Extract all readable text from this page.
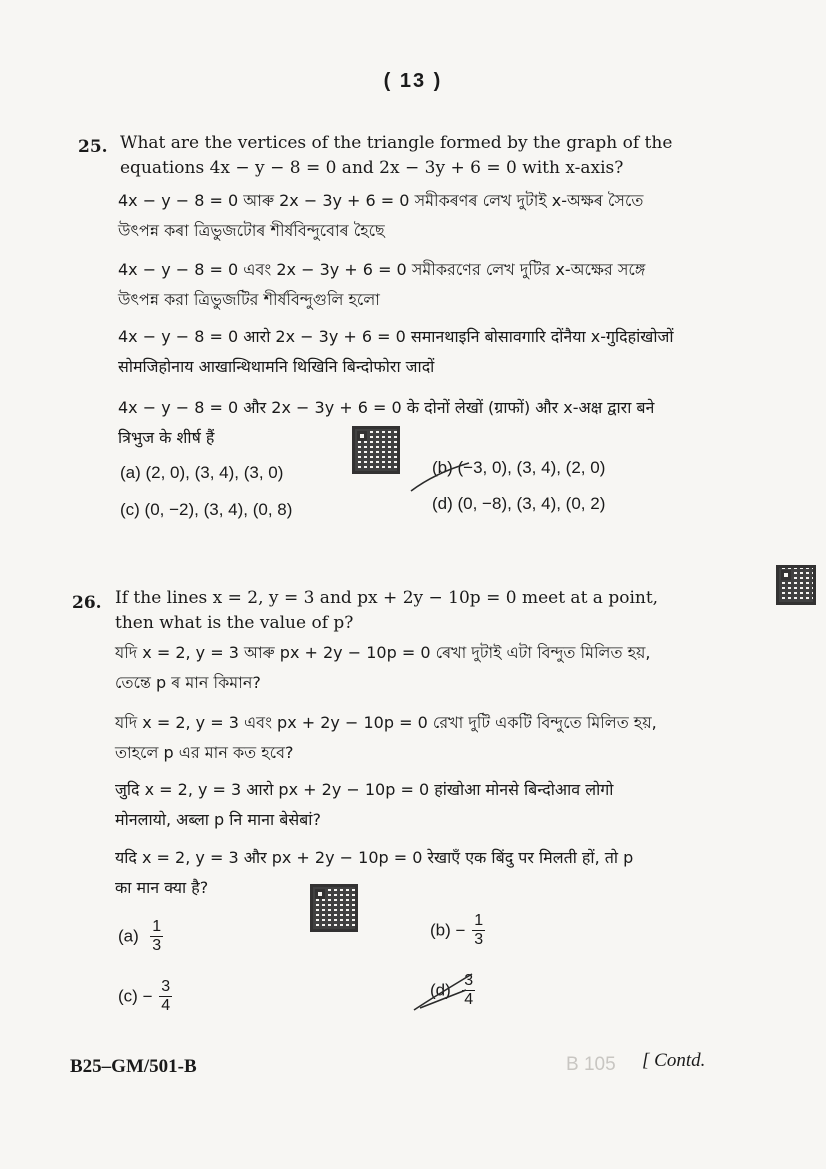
( 13 )
25. What are the vertices of the triangle formed by the graph of the
equations 4x − y − 8 = 0 and 2x − 3y + 6 = 0 with x-axis?
4x − y − 8 = 0 আৰু 2x − 3y + 6 = 0 সমীকৰণৰ লেখ দুটাই x-অক্ষৰ সৈতে
উৎপন্ন কৰা ত্ৰিভুজটোৰ শীৰ্ষবিন্দুবোৰ হৈছে
4x − y − 8 = 0 এবং 2x − 3y + 6 = 0 সমীকরণের লেখ দুটির x-অক্ষের সঙ্গে
উৎপন্ন করা ত্রিভুজটির শীর্ষবিন্দুগুলি হলো
4x − y − 8 = 0 आरो 2x − 3y + 6 = 0 समानथाइनि बोसावगारि दोंनैया x-गुदिहांखोजों
सोमजिहोनाय आखान्थिथामनि थिखिनि बिन्दोफोरा जादों
4x − y − 8 = 0 और 2x − 3y + 6 = 0 के दोनों लेखों (ग्राफों) और x-अक्ष द्वारा बने
त्रिभुज के शीर्ष हैं
(a) (2, 0), (3, 4), (3, 0)	(b) (−3, 0), (3, 4), (2, 0)
(c) (0, −2), (3, 4), (0, 8)	(d) (0, −8), (3, 4), (0, 2)
26. If the lines x = 2, y = 3 and px + 2y − 10p = 0 meet at a point,
then what is the value of p?
যদি x = 2, y = 3 আৰু px + 2y − 10p = 0 ৰেখা দুটাই এটা বিন্দুত মিলিত হয়,
তেন্তে p ৰ মান কিমান?
যদি x = 2, y = 3 এবং px + 2y − 10p = 0 রেখা দুটি একটি বিন্দুতে মিলিত হয়,
তাহলে p এর মান কত হবে?
जुदि x = 2, y = 3 आरो px + 2y − 10p = 0 हांखोआ मोनसे बिन्दोआव लोगो
मोनलायो, अब्ला p नि माना बेसेबां?
यदि x = 2, y = 3 और px + 2y − 10p = 0 रेखाएँ एक बिंदु पर मिलती हों, तो p
का मान क्या है?
$(a) \frac{1}{3}$	$(b) - \frac{1}{3}$
$(c) - \frac{3}{4}$	$(d) \frac{3}{4}$
B25–GM/501-B	B 105 [ Contd.
